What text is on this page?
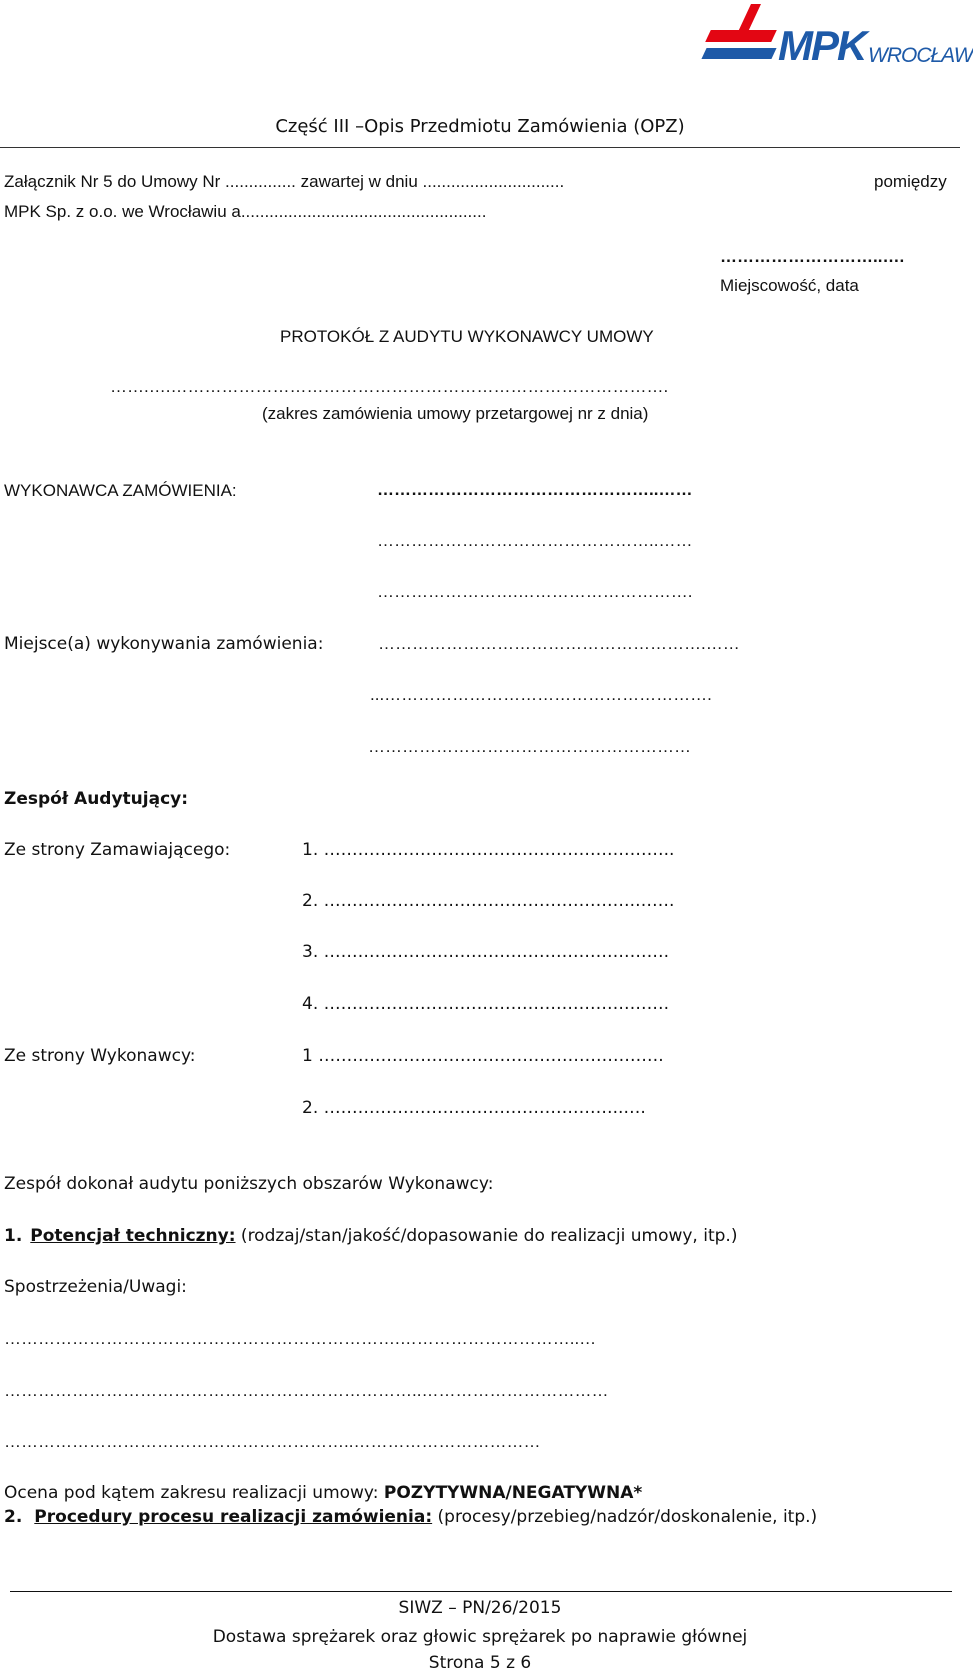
MPK WROCŁAW
Część III –Opis Przedmiotu Zamówienia (OPZ)
Załącznik Nr 5 do Umowy Nr ............... zawartej w dniu ..............................	pomiędzy
MPK Sp. z o.o. we Wrocławiu a....................................................
………………………..….
Miejscowość, data
PROTOKÓŁ Z AUDYTU WYKONAWCY UMOWY
…….….…………………………………………………………………………….
(zakres zamówienia umowy przetargowej nr z dnia)
WYKONAWCA ZAMÓWIENIA:	…………………………………………..……
…………………………………………..……
…………………….………………………….
Miejsce(a) wykonywania zamówienia:	………………………………………………….……
...………………………………………………….
…………………………………………………
Zespół Audytujący:
Ze strony Zamawiającego:	1. ……………………………………………………..
2. ……………………………………………….…….
3. …………………………………………………….
4. …………………………………………………….
Ze strony Wykonawcy:	1 …………………………………………………….
2. ……………………………………………..….
Zespół dokonał audytu poniższych obszarów Wykonawcy:
1. Potencjał techniczny: (rodzaj/stan/jakość/dopasowanie do realizacji umowy, itp.)
Spostrzeżenia/Uwagi:
…………………………………………………………….…………………………..…
………………………………………………………………..……………………………
……………………………………………………..……………………………
Ocena pod kątem zakresu realizacji umowy: POZYTYWNA/NEGATYWNA*
2. Procedury procesu realizacji zamówienia: (procesy/przebieg/nadzór/doskonalenie, itp.)
SIWZ – PN/26/2015
Dostawa sprężarek oraz głowic sprężarek po naprawie głównej
Strona 5 z 6
